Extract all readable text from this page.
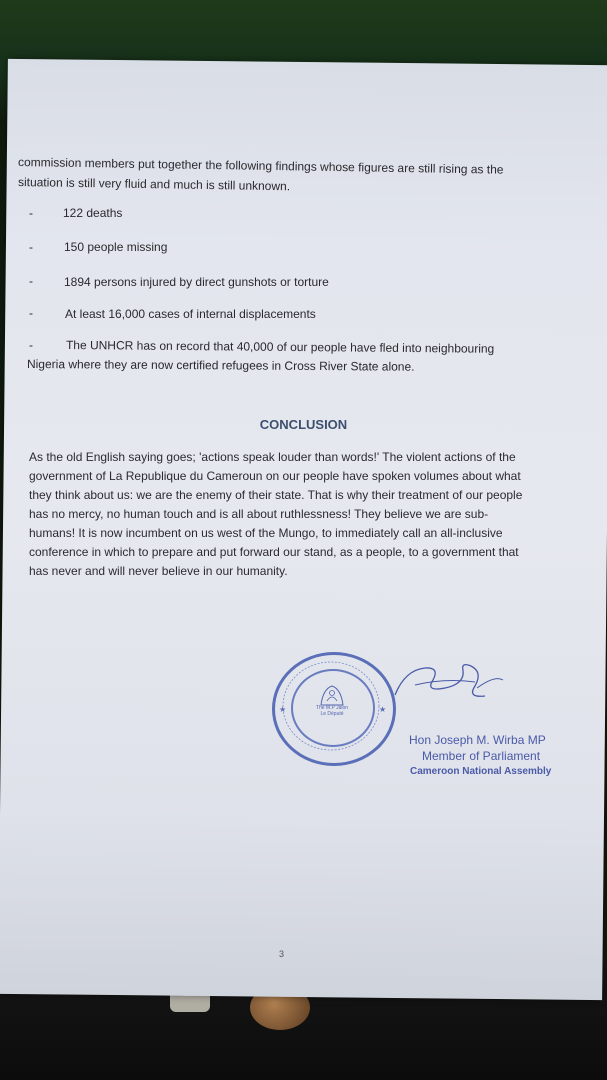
commission members put together the following findings whose figures are still rising as the
situation is still very fluid and much is still unknown.
-	122 deaths
-	150 people missing
-	1894 persons injured by direct gunshots or torture
-	At least 16,000 cases of internal displacements
-	The UNHCR has on record that 40,000 of our people have fled into neighbouring
Nigeria where they are now certified refugees in Cross River State alone.
CONCLUSION
As the old English saying goes; 'actions speak louder than words!' The violent actions of the government of La Republique du Cameroun on our people have spoken volumes about what they think about us: we are the enemy of their state. That is why their treatment of our people has no mercy, no human touch and is all about ruthlessness! They believe we are sub-humans! It is now incumbent on us west of the Mungo, to immediately call an all-inclusive conference in which to prepare and put forward our stand, as a people, to a government that has never and will never believe in our humanity.
The M.P Jalon
Le Député
★	★
Hon Joseph M. Wirba MP
Member of Parliament
Cameroon National Assembly
3
